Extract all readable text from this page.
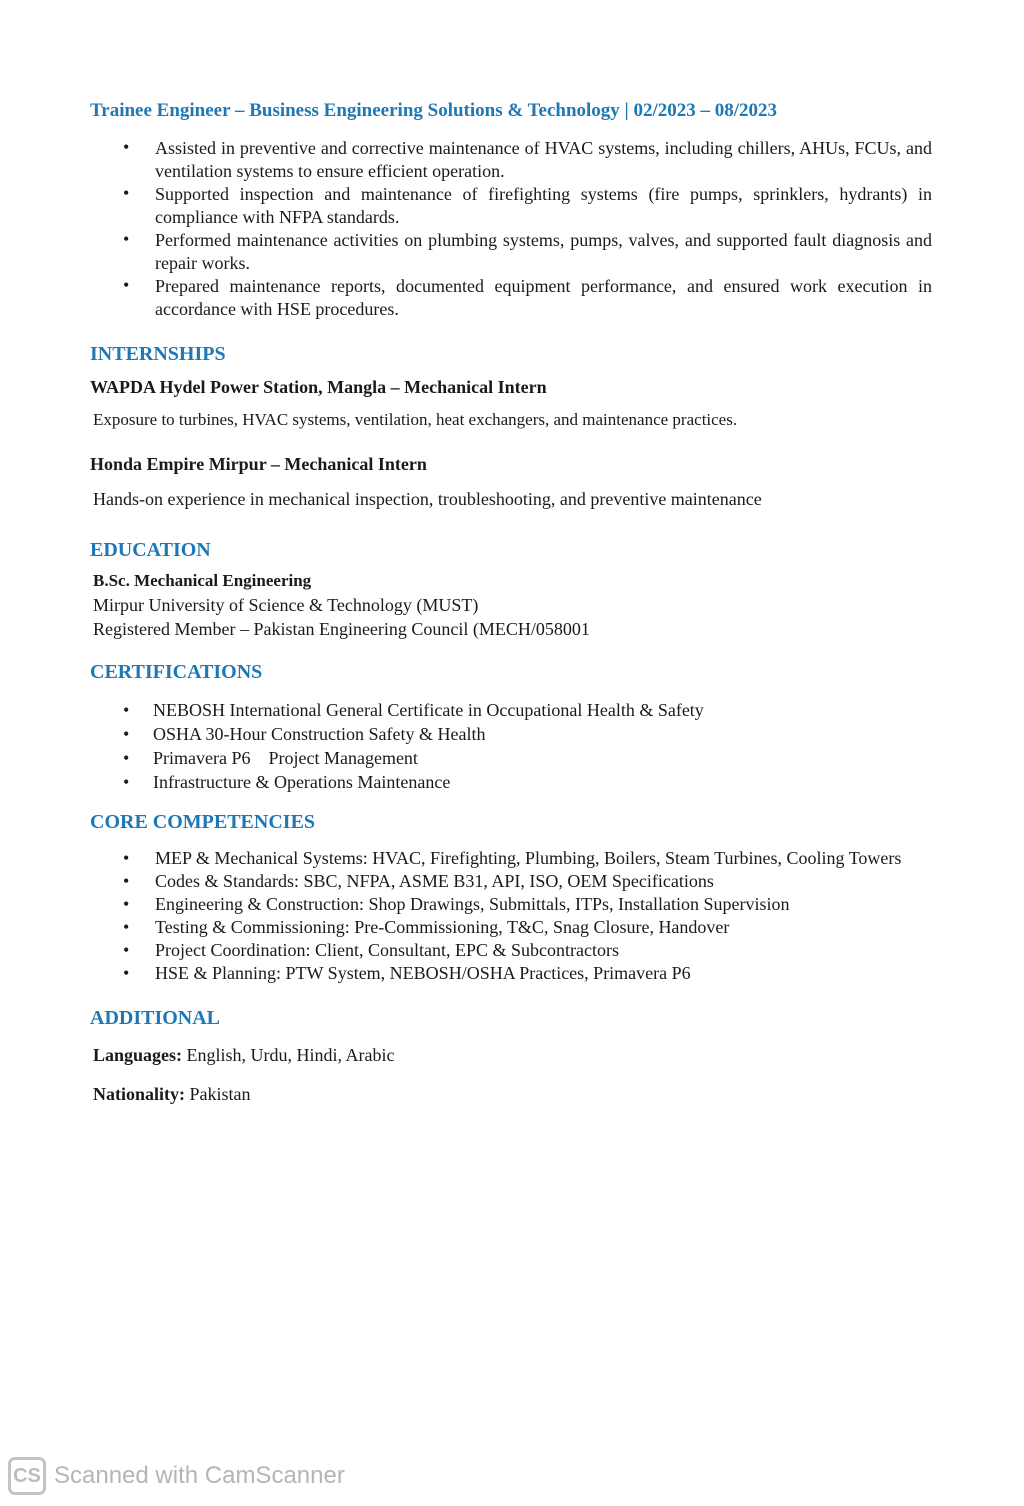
Trainee Engineer – Business Engineering Solutions & Technology | 02/2023 – 08/2023
• Assisted in preventive and corrective maintenance of HVAC systems, including chillers, AHUs, FCUs, and ventilation systems to ensure efficient operation.
• Supported inspection and maintenance of firefighting systems (fire pumps, sprinklers, hydrants) in compliance with NFPA standards.
• Performed maintenance activities on plumbing systems, pumps, valves, and supported fault diagnosis and repair works.
• Prepared maintenance reports, documented equipment performance, and ensured work execution in accordance with HSE procedures.
INTERNSHIPS
WAPDA Hydel Power Station, Mangla – Mechanical Intern
Exposure to turbines, HVAC systems, ventilation, heat exchangers, and maintenance practices.
Honda Empire Mirpur – Mechanical Intern
Hands-on experience in mechanical inspection, troubleshooting, and preventive maintenance
EDUCATION
B.Sc. Mechanical Engineering
Mirpur University of Science & Technology (MUST)
Registered Member – Pakistan Engineering Council (MECH/058001
CERTIFICATIONS
• NEBOSH International General Certificate in Occupational Health & Safety
• OSHA 30-Hour Construction Safety & Health
• Primavera P6    Project Management
• Infrastructure & Operations Maintenance
CORE COMPETENCIES
• MEP & Mechanical Systems: HVAC, Firefighting, Plumbing, Boilers, Steam Turbines, Cooling Towers
• Codes & Standards: SBC, NFPA, ASME B31, API, ISO, OEM Specifications
• Engineering & Construction: Shop Drawings, Submittals, ITPs, Installation Supervision
• Testing & Commissioning: Pre-Commissioning, T&C, Snag Closure, Handover
• Project Coordination: Client, Consultant, EPC & Subcontractors
• HSE & Planning: PTW System, NEBOSH/OSHA Practices, Primavera P6
ADDITIONAL
Languages: English, Urdu, Hindi, Arabic
Nationality: Pakistan
CS Scanned with CamScanner
